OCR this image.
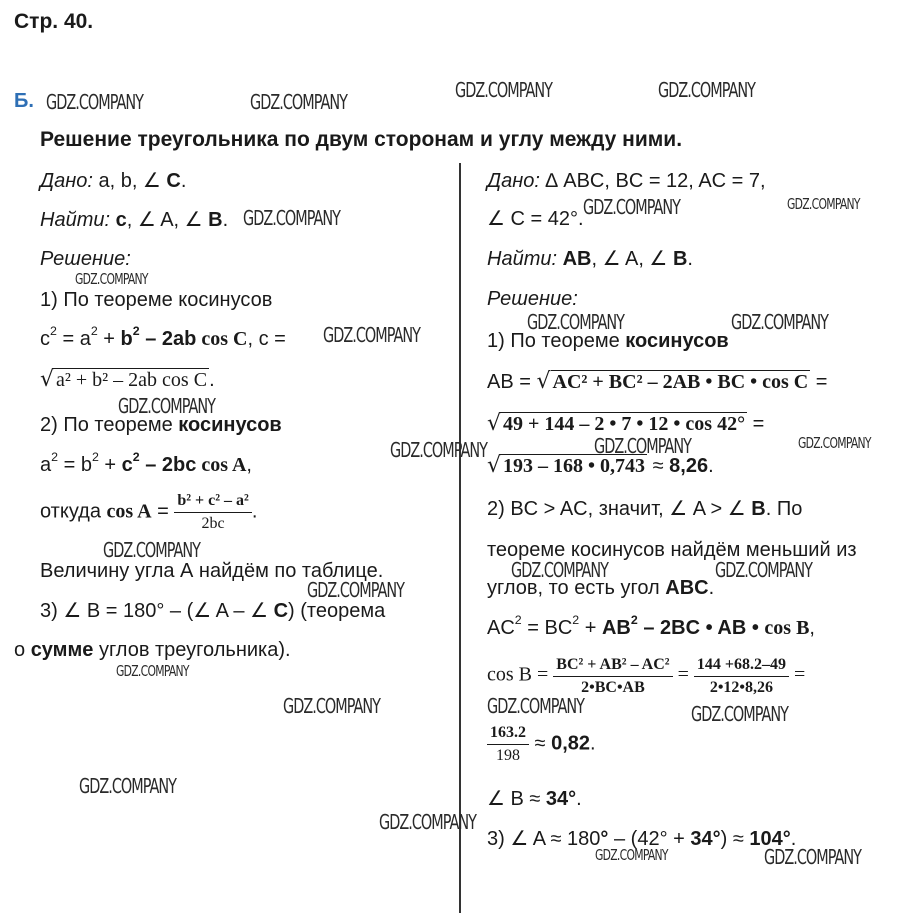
Стр. 40.
Б.
Решение треугольника по двум сторонам и углу между ними.
Дано: a, b, ∠ C.
Найти: c, ∠ A, ∠ B.
Решение:
1) По теореме косинусов
$c^2 = a^2 + b^2 - 2ab$ cos C, c =
√ a² + b² – 2ab cos C .
2) По теореме косинусов
$a^2 = b^2 + c^2 - 2bc$ cos A,
откуда $\cos A = \frac{\text{b² + c² – a²}}{2bc}$ .
Величину угла А найдём по таблице.
3) ∠ B = 180° – (∠ A – ∠ C) (теорема
о сумме углов треугольника).
Дано: ∆ ABC, BC = 12, AC = 7,
∠ C = 42°.
Найти: AB, ∠ A, ∠ B.
Решение:
1) По теореме косинусов
AB = √ AC² + BC² – 2AB • BC • cos C =
√ 49 + 144 – 2 • 7 • 12 • cos 42° =
√ 193 – 168 • 0,743 ≈ 8,26.
2) BC > AC, значит, ∠ A > ∠ B. По
теореме косинусов найдём меньший из
углов, то есть угол ABC.
$AC^2 = BC^2 + AB^2 - 2BC$ • AB • cos B,
$\cos B = \frac{\text{BC² + AB² – AC²}}{2•BC•AB} = \frac{144 +68.2-49}{2•12•8,26}$ =
$\frac{163.2}{198} \approx 0,82$.
∠ B ≈ 34°.
3) ∠ A ≈ 180° – (42° + 34°) ≈ 104°.
GDZ.COMPANY	GDZ.COMPANY	GDZ.COMPANY	GDZ.COMPANY
GDZ.COMPANY	GDZ.COMPANY	GDZ.COMPANY
GDZ.COMPANY
GDZ.COMPANY
GDZ.COMPANY	GDZ.COMPANY
GDZ.COMPANY
GDZ.COMPANY	GDZ.COMPANY	GDZ.COMPANY
GDZ.COMPANY
GDZ.COMPANY
GDZ.COMPANY	GDZ.COMPANY
GDZ.COMPANY
GDZ.COMPANY	GDZ.COMPANY	GDZ.COMPANY
GDZ.COMPANY
GDZ.COMPANY
GDZ.COMPANY	GDZ.COMPANY
